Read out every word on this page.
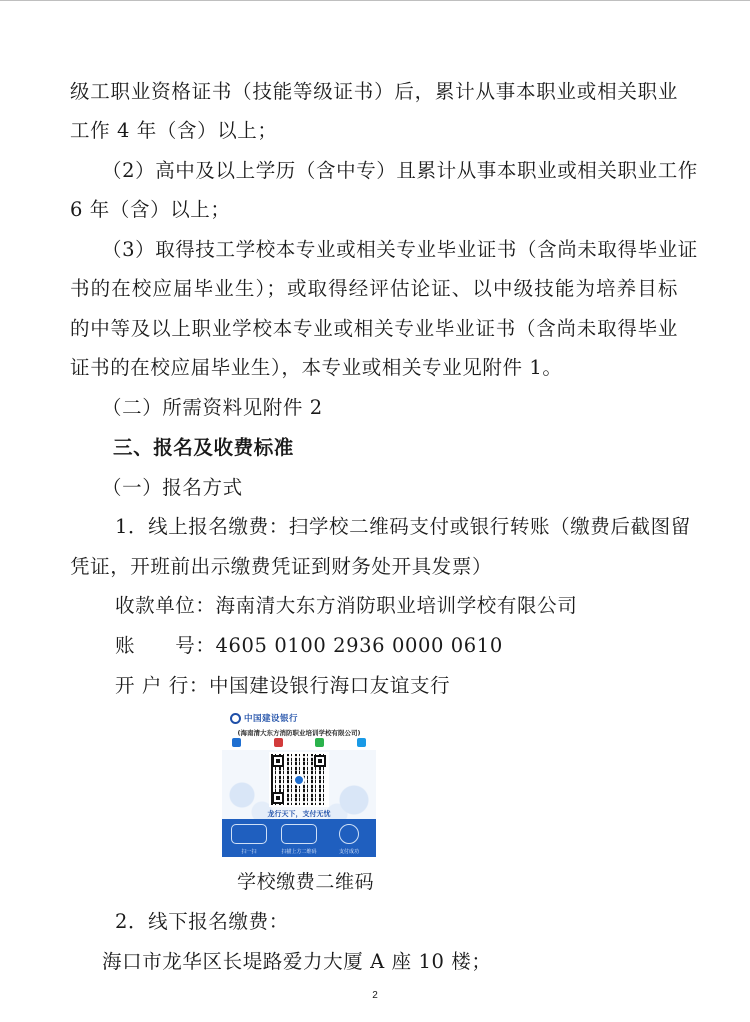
级工职业资格证书（技能等级证书）后，累计从事本职业或相关职业
工作 4 年（含）以上；
（2）高中及以上学历（含中专）且累计从事本职业或相关职业工作
6 年（含）以上；
（3）取得技工学校本专业或相关专业毕业证书（含尚未取得毕业证
书的在校应届毕业生）；或取得经评估论证、以中级技能为培养目标
的中等及以上职业学校本专业或相关专业毕业证书（含尚未取得毕业
证书的在校应届毕业生），本专业或相关专业见附件 1。
（二）所需资料见附件 2
三、报名及收费标准
（一）报名方式
1．线上报名缴费：扫学校二维码支付或银行转账（缴费后截图留
凭证，开班前出示缴费凭证到财务处开具发票）
收款单位：海南清大东方消防职业培训学校有限公司
账　　号：4605 0100 2936 0000 0610
开 户 行：中国建设银行海口友谊支行
中国建设银行
(海南清大东方消防职业培训学校有限公司)
龙行天下，支付无忧
扫一扫	扫描上方二维码	支付成功
学校缴费二维码
2．线下报名缴费：
海口市龙华区长堤路爱力大厦 A 座 10 楼；
2
